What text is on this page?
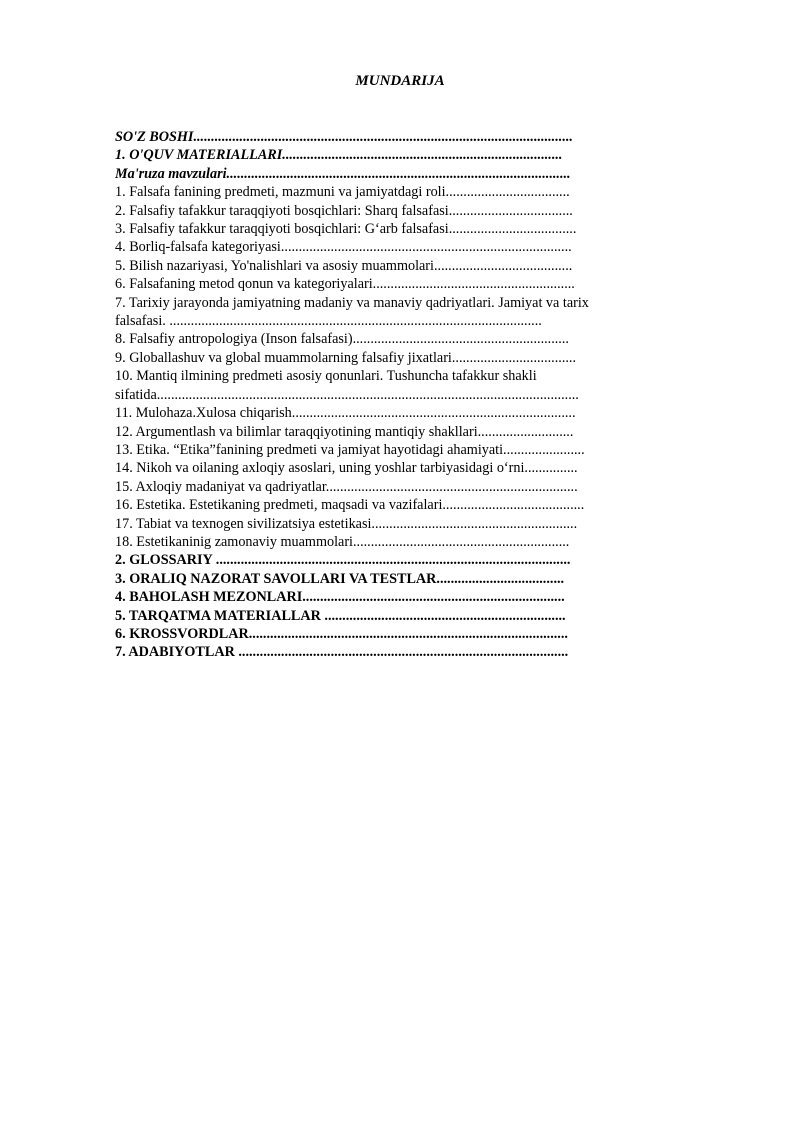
MUNDARIJA
SO'Z BOSHI...........................................................................................................
1. O'QUV MATERIALLARI...............................................................................
Ma'ruza mavzulari.................................................................................................
1. Falsafa fanining predmeti, mazmuni va jamiyatdagi roli...................................
2. Falsafiy tafakkur taraqqiyoti bosqichlari: Sharq falsafasi...................................
3. Falsafiy tafakkur taraqqiyoti bosqichlari: G‘arb falsafasi....................................
4. Borliq-falsafa kategoriyasi..................................................................................
5. Bilish nazariyasi, Yo'nalishlari va asosiy muammolari.......................................
6. Falsafaning metod qonun va kategoriyalari.........................................................
7. Tarixiy jarayonda jamiyatning madaniy va manaviy qadriyatlari. Jamiyat va tarix
falsafasi. .........................................................................................................
8. Falsafiy antropologiya (Inson falsafasi).............................................................
9. Globallashuv va global muammolarning falsafiy jixatlari...................................
10. Mantiq ilmining predmeti asosiy qonunlari. Tushuncha tafakkur shakli
sifatida.......................................................................................................................
11. Mulohaza.Xulosa chiqarish................................................................................
12. Argumentlash va bilimlar taraqqiyotining mantiqiy shakllari...........................
13. Etika. “Etika”fanining predmeti va jamiyat hayotidagi ahamiyati.......................
14. Nikoh va oilaning axloqiy asoslari, uning yoshlar tarbiyasidagi o‘rni...............
15. Axloqiy madaniyat va qadriyatlar.......................................................................
16. Estetika. Estetikaning predmeti, maqsadi va vazifalari........................................
17. Tabiat va texnogen sivilizatsiya estetikasi..........................................................
18. Estetikaninig zamonaviy muammolari.............................................................
2. GLOSSARIY ....................................................................................................
3. ORALIQ NAZORAT SAVOLLARI VA TESTLAR....................................
4. BAHOLASH MEZONLARI..........................................................................
5. TARQATMA MATERIALLAR ....................................................................
6. KROSSVORDLAR..........................................................................................
7. ADABIYOTLAR .............................................................................................
